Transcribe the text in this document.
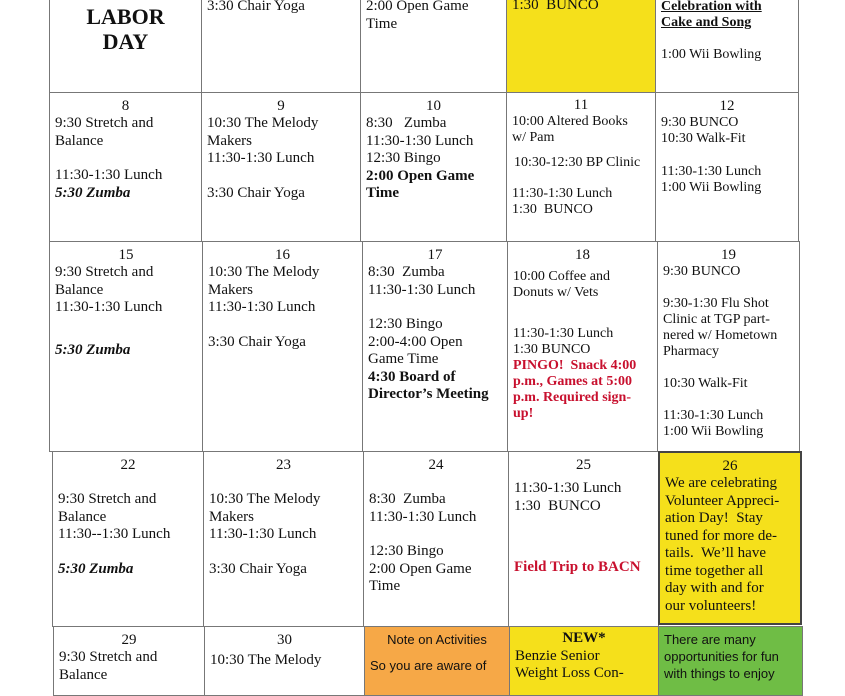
LABOR
DAY
3:30 Chair Yoga	2:00 Open Game
Time
1:30  BUNCO	Celebration with
Cake and Song
1:00 Wii Bowling
8
9:30 Stretch and
Balance
11:30-1:30 Lunch
5:30 Zumba
9
10:30 The Melody
Makers
11:30-1:30 Lunch
3:30 Chair Yoga
10
8:30   Zumba
11:30-1:30 Lunch
12:30 Bingo
2:00 Open Game
Time
11
10:00 Altered Books
w/ Pam
10:30-12:30 BP Clinic
11:30-1:30 Lunch
1:30  BUNCO
12
9:30 BUNCO
10:30 Walk-Fit
11:30-1:30 Lunch
1:00 Wii Bowling
15
9:30 Stretch and
Balance
11:30-1:30 Lunch
5:30 Zumba
16
10:30 The Melody
Makers
11:30-1:30 Lunch
3:30 Chair Yoga
17
8:30  Zumba
11:30-1:30 Lunch
12:30 Bingo
2:00-4:00 Open
Game Time
4:30 Board of
Director’s Meeting
18
10:00 Coffee and
Donuts w/ Vets
11:30-1:30 Lunch
1:30 BUNCO
PINGO!  Snack 4:00
p.m., Games at 5:00
p.m. Required sign-
up!
19
9:30 BUNCO
9:30-1:30 Flu Shot
Clinic at TGP part-
nered w/ Hometown
Pharmacy
10:30 Walk-Fit
11:30-1:30 Lunch
1:00 Wii Bowling
22
9:30 Stretch and
Balance
11:30--1:30 Lunch
5:30 Zumba
23
10:30 The Melody
Makers
11:30-1:30 Lunch
3:30 Chair Yoga
24
8:30  Zumba
11:30-1:30 Lunch
12:30 Bingo
2:00 Open Game
Time
25
11:30-1:30 Lunch
1:30  BUNCO
Field Trip to BACN
26
We are celebrating
Volunteer Appreci-
ation Day!  Stay
tuned for more de-
tails.  We’ll have
time together all
day with and for
our volunteers!
29
9:30 Stretch and
Balance
30
10:30 The Melody
Note on Activities
So you are aware of
NEW*
Benzie Senior
Weight Loss Con-
There are many
opportunities for fun
with things to enjoy
